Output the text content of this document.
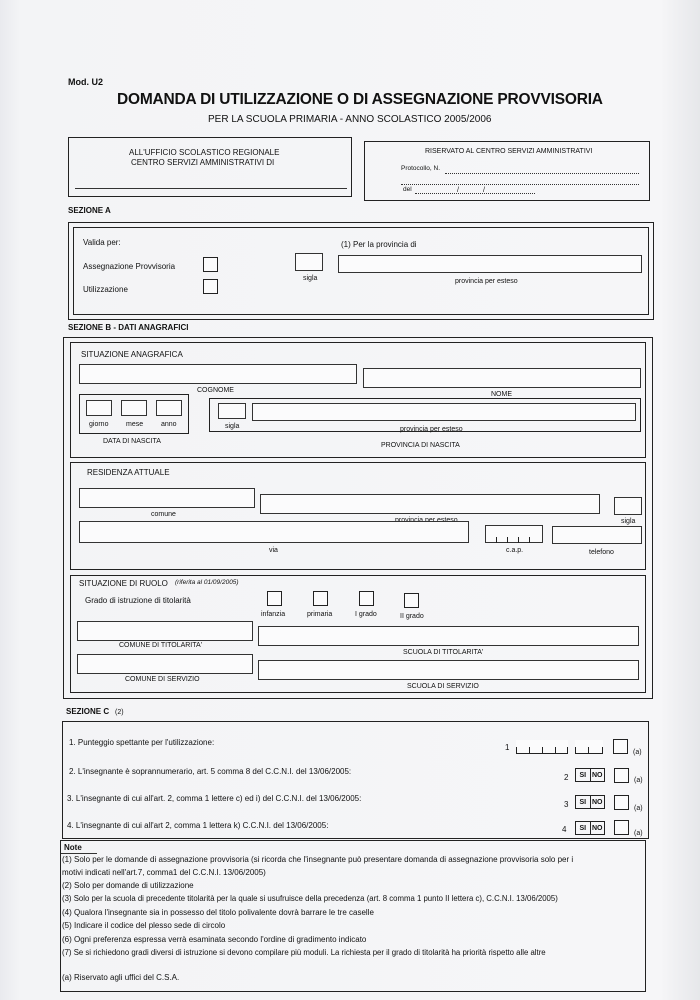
Mod. U2
DOMANDA DI UTILIZZAZIONE O DI ASSEGNAZIONE PROVVISORIA
PER LA SCUOLA PRIMARIA - ANNO SCOLASTICO 2005/2006
ALL'UFFICIO SCOLASTICO REGIONALE
CENTRO SERVIZI AMMINISTRATIVI DI
RISERVATO AL CENTRO SERVIZI AMMINISTRATIVI
Protocollo, N.
del	/	/
SEZIONE A
Valida per:
Assegnazione Provvisoria
Utilizzazione
(1) Per la provincia di
sigla	provincia per esteso
SEZIONE B - DATI ANAGRAFICI
SITUAZIONE ANAGRAFICA
COGNOME
NOME
giorno	mese	anno
DATA DI NASCITA
sigla	provincia per esteso
PROVINCIA DI NASCITA
RESIDENZA ATTUALE
comune
sigla
via	c.a.p.	telefono
SITUAZIONE DI RUOLO (riferita al 01/09/2005)
Grado di istruzione di titolarità
infanzia	primaria	I grado	II grado
COMUNE DI TITOLARITA'
SCUOLA DI TITOLARITA'
COMUNE DI SERVIZIO
SCUOLA DI SERVIZIO
SEZIONE C (2)
1. Punteggio spettante per l'utilizzazione:
1
(a)
2. L'insegnante è soprannumerario, art. 5 comma 8 del C.C.N.I. del 13/06/2005:
2	SI NO
(a)
3. L'insegnante di cui all'art. 2, comma 1 lettere c) ed i) del C.C.N.I. del 13/06/2005:
3	SI NO
(a)
4. L'insegnante di cui all'art 2, comma 1 lettera k) C.C.N.I. del 13/06/2005:	4	SI NO
(a)
Note
(1) Solo per le domande di assegnazione provvisoria (si ricorda che l'insegnante può presentare domanda di assegnazione provvisoria solo per i
motivi indicati nell'art.7, comma1 del C.C.N.I. 13/06/2005)
(2) Solo per domande di utilizzazione
(3) Solo per la scuola di precedente titolarità per la quale si usufruisce della precedenza (art. 8 comma 1 punto II lettera c), C.C.N.I. 13/06/2005)
(4) Qualora l'insegnante sia in possesso del titolo polivalente dovrà barrare le tre caselle
(5) Indicare il codice del plesso sede di circolo
(6) Ogni preferenza espressa verrà esaminata secondo l'ordine di gradimento indicato
(7) Se si richiedono gradi diversi di istruzione si devono compilare più moduli. La richiesta per il grado di titolarità ha priorità rispetto alle altre
(a) Riservato agli uffici del C.S.A.
